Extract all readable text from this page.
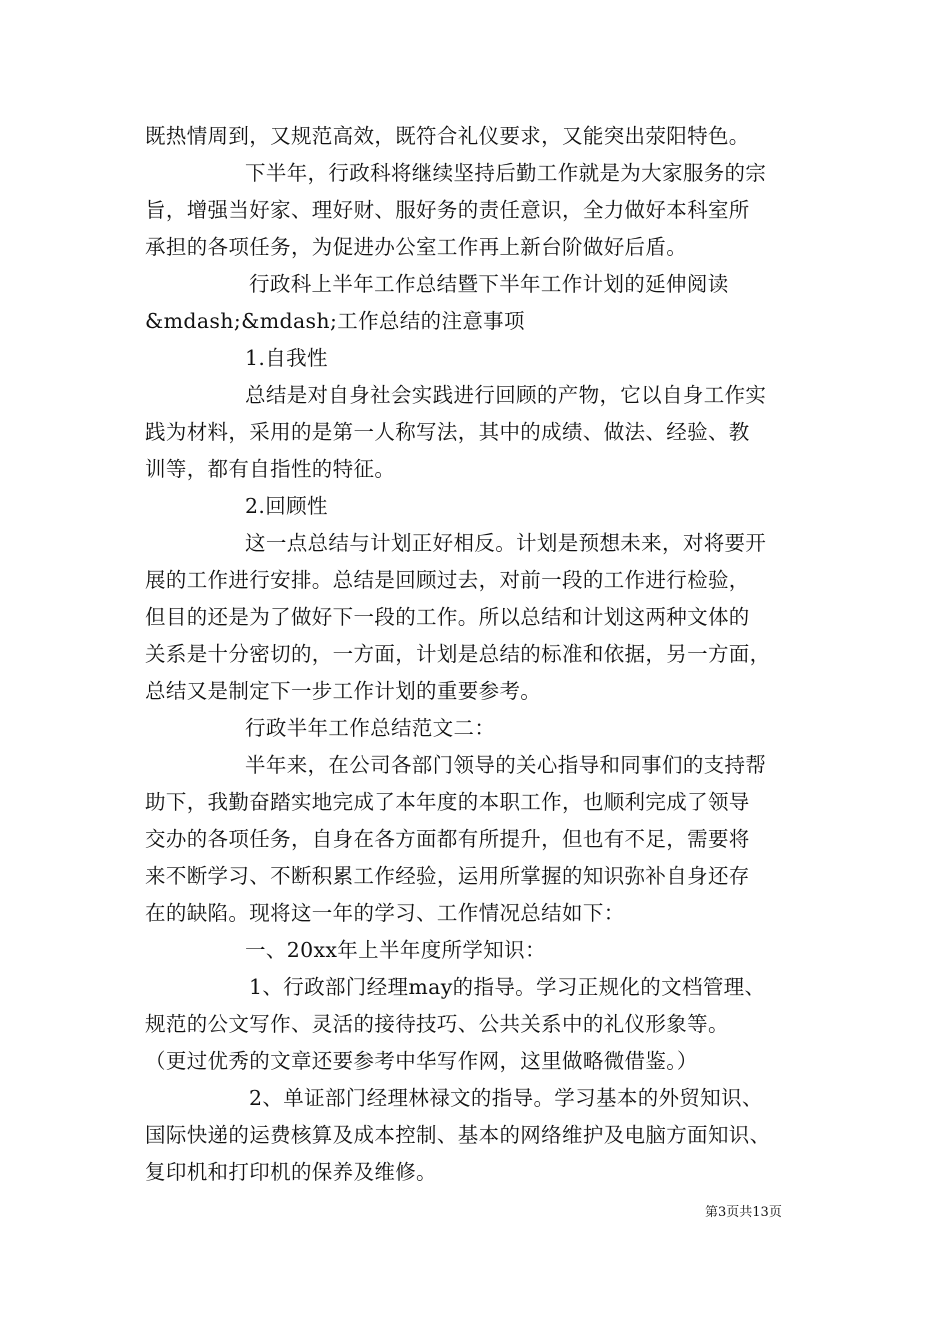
既热情周到，又规范高效，既符合礼仪要求，又能突出荥阳特色。
下半年，行政科将继续坚持后勤工作就是为大家服务的宗
旨，增强当好家、理好财、服好务的责任意识，全力做好本科室所
承担的各项任务，为促进办公室工作再上新台阶做好后盾。
行政科上半年工作总结暨下半年工作计划的延伸阅读
&mdash;&mdash;工作总结的注意事项
1.自我性
总结是对自身社会实践进行回顾的产物，它以自身工作实
践为材料，采用的是第一人称写法，其中的成绩、做法、经验、教
训等，都有自指性的特征。
2.回顾性
这一点总结与计划正好相反。计划是预想未来，对将要开
展的工作进行安排。总结是回顾过去，对前一段的工作进行检验，
但目的还是为了做好下一段的工作。所以总结和计划这两种文体的
关系是十分密切的，一方面，计划是总结的标准和依据，另一方面，
总结又是制定下一步工作计划的重要参考。
行政半年工作总结范文二：
半年来，在公司各部门领导的关心指导和同事们的支持帮
助下，我勤奋踏实地完成了本年度的本职工作，也顺利完成了领导
交办的各项任务，自身在各方面都有所提升，但也有不足，需要将
来不断学习、不断积累工作经验，运用所掌握的知识弥补自身还存
在的缺陷。现将这一年的学习、工作情况总结如下：
一、20xx年上半年度所学知识：
1、行政部门经理may的指导。学习正规化的文档管理、
规范的公文写作、灵活的接待技巧、公共关系中的礼仪形象等。
（更过优秀的文章还要参考中华写作网，这里做略微借鉴。）
2、单证部门经理林禄文的指导。学习基本的外贸知识、
国际快递的运费核算及成本控制、基本的网络维护及电脑方面知识、
复印机和打印机的保养及维修。
第3页共13页
